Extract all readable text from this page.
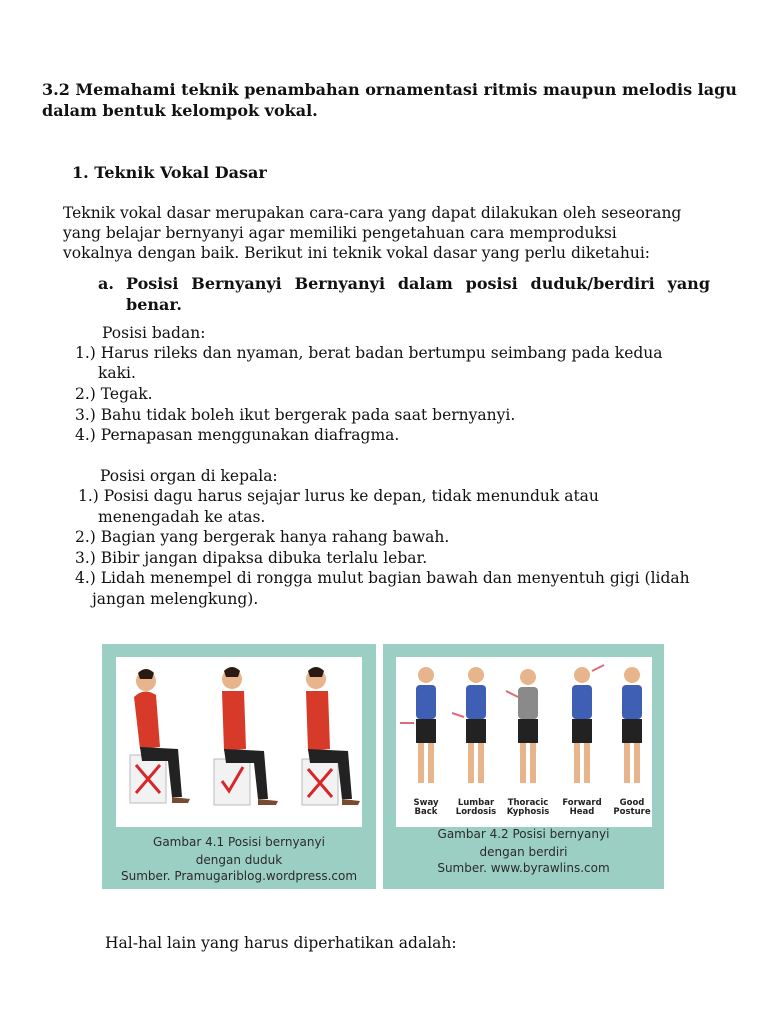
3.2 Memahami teknik penambahan ornamentasi ritmis maupun melodis lagu
dalam bentuk kelompok vokal.
1. Teknik Vokal Dasar
Teknik vokal dasar merupakan cara-cara yang dapat dilakukan oleh seseorang
yang belajar bernyanyi agar memiliki pengetahuan cara memproduksi
vokalnya dengan baik. Berikut ini teknik vokal dasar yang perlu diketahui:
a. Posisi Bernyanyi Bernyanyi dalam posisi duduk/berdiri yang
benar.
Posisi badan:
1.) Harus rileks dan nyaman, berat badan bertumpu seimbang pada kedua
kaki.
2.) Tegak.
3.) Bahu tidak boleh ikut bergerak pada saat bernyanyi.
4.) Pernapasan menggunakan diafragma.
Posisi organ di kepala:
1.) Posisi dagu harus sejajar lurus ke depan, tidak menunduk atau
menengadah ke atas.
2.) Bagian yang bergerak hanya rahang bawah.
3.) Bibir jangan dipaksa dibuka terlalu lebar.
4.) Lidah menempel di rongga mulut bagian bawah dan menyentuh gigi (lidah
jangan melengkung).
Gambar 4.1 Posisi bernyanyi
dengan duduk
Sumber. Pramugariblog.wordpress.com
Sway
Back
Lumbar
Lordosis
Thoracic
Kyphosis
Forward
Head
Good
Posture
Gambar 4.2 Posisi bernyanyi
dengan berdiri
Sumber. www.byrawlins.com
Hal-hal lain yang harus diperhatikan adalah:
